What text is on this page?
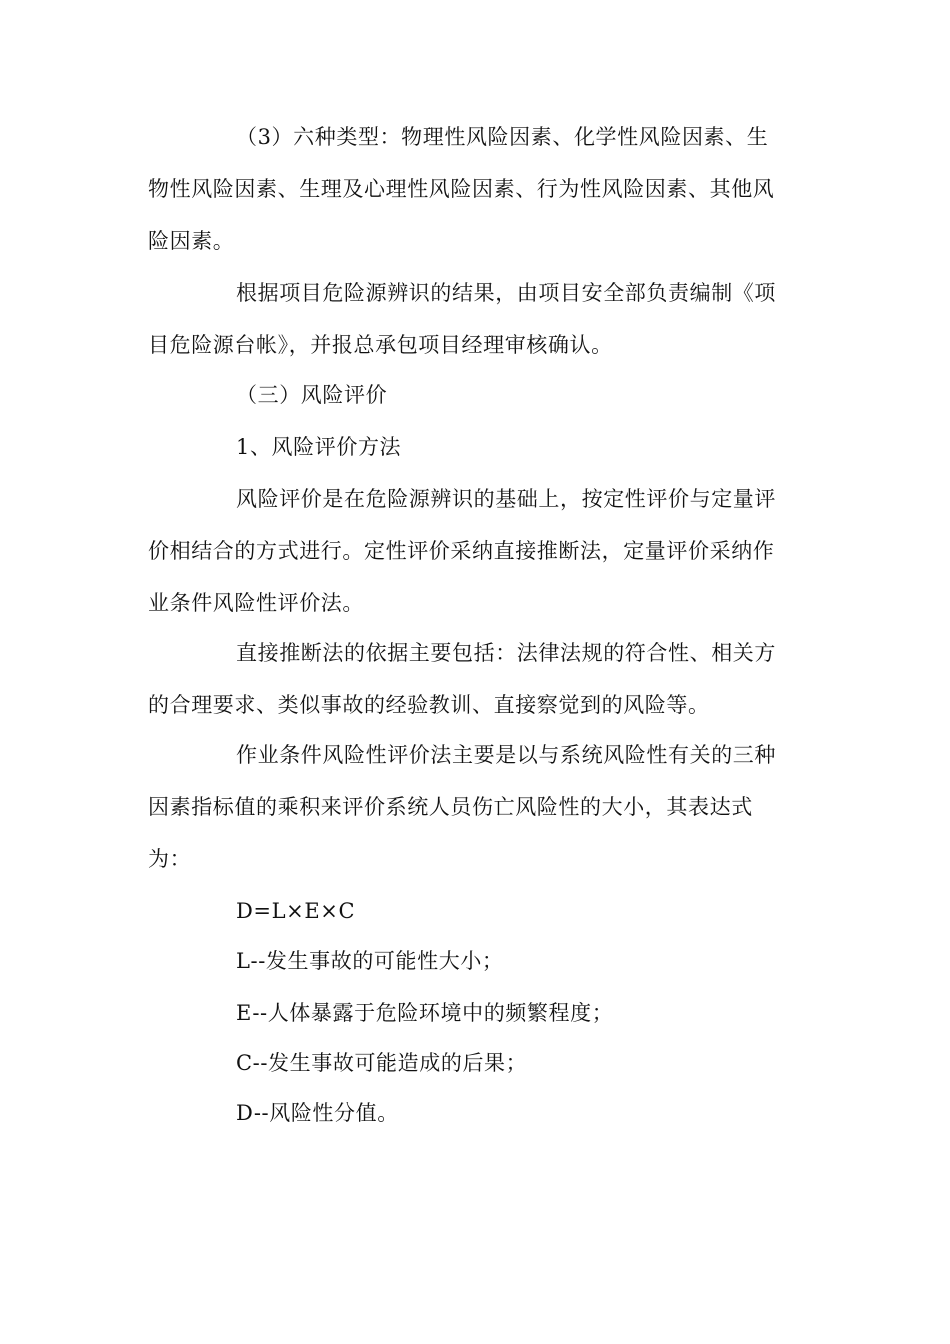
（3）六种类型：物理性风险因素、化学性风险因素、生
物性风险因素、生理及心理性风险因素、行为性风险因素、其他风
险因素。
根据项目危险源辨识的结果，由项目安全部负责编制《项
目危险源台帐》，并报总承包项目经理审核确认。
（三）风险评价
1、风险评价方法
风险评价是在危险源辨识的基础上，按定性评价与定量评
价相结合的方式进行。定性评价采纳直接推断法，定量评价采纳作
业条件风险性评价法。
直接推断法的依据主要包括：法律法规的符合性、相关方
的合理要求、类似事故的经验教训、直接察觉到的风险等。
作业条件风险性评价法主要是以与系统风险性有关的三种
因素指标值的乘积来评价系统人员伤亡风险性的大小，其表达式
为：
D=L×E×C
L--发生事故的可能性大小；
E--人体暴露于危险环境中的频繁程度；
C--发生事故可能造成的后果；
D--风险性分值。
